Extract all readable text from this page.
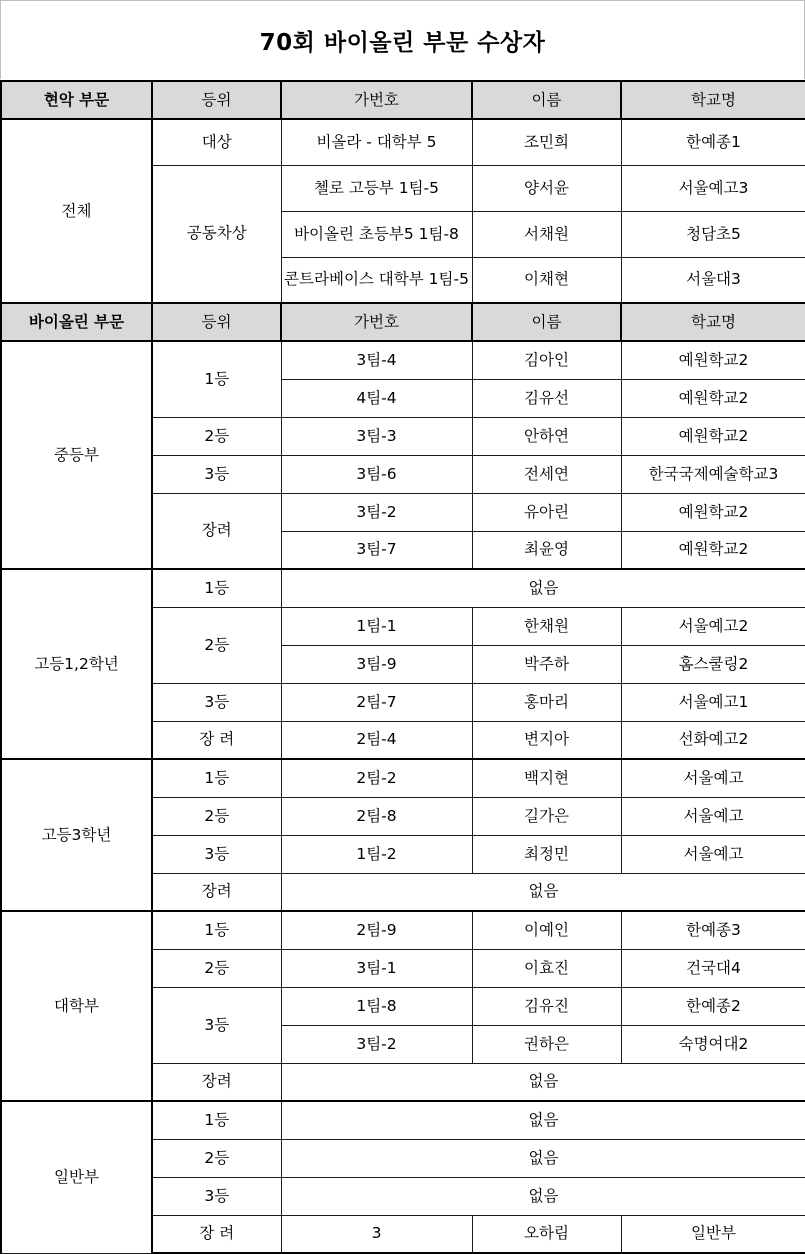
70회 바이올린 부문 수상자
현악 부문	등위	가번호	이름	학교명
전체	대상	비올라 - 대학부 5	조민희	한예종1
	공동차상	첼로 고등부 1팀-5	양서윤	서울예고3
		바이올린 초등부5 1팀-8	서채원	청담초5
		콘트라베이스 대학부 1팀-5	이채현	서울대3
바이올린 부문	등위	가번호	이름	학교명
중등부	1등	3팀-4	김아인	예원학교2
		4팀-4	김유선	예원학교2
	2등	3팀-3	안하연	예원학교2
	3등	3팀-6	전세연	한국국제예술학교3
	장려	3팀-2	유아린	예원학교2
		3팀-7	최윤영	예원학교2
고등1,2학년	1등	없음		
	2등	1팀-1	한채원	서울예고2
		3팀-9	박주하	홈스쿨링2
	3등	2팀-7	홍마리	서울예고1
	장 려	2팀-4	변지아	선화예고2
고등3학년	1등	2팀-2	백지현	서울예고
	2등	2팀-8	길가은	서울예고
	3등	1팀-2	최정민	서울예고
	장려	없음		
대학부	1등	2팀-9	이예인	한예종3
	2등	3팀-1	이효진	건국대4
	3등	1팀-8	김유진	한예종2
		3팀-2	권하은	숙명여대2
	장려	없음		
일반부	1등	없음		
	2등	없음		
	3등	없음		
	장 려	3	오하림	일반부
